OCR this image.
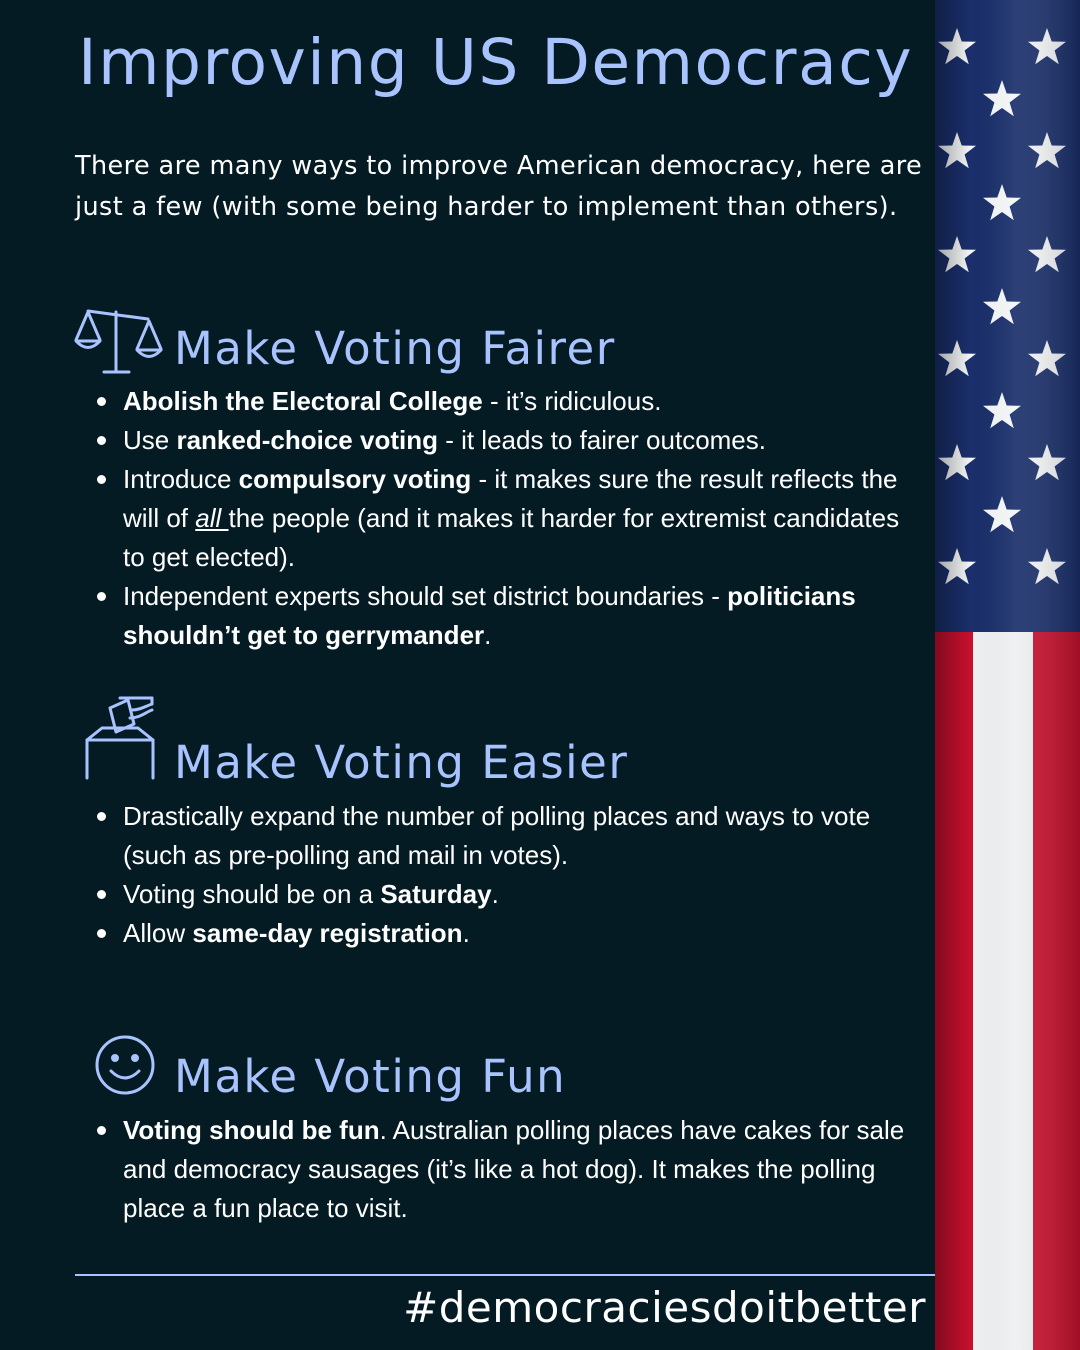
Improving US Democracy

There are many ways to improve American democracy, here are just a few (with some being harder to implement than others).

Make Voting Fairer
Abolish the Electoral College - it’s ridiculous.
Use ranked-choice voting - it leads to fairer outcomes.
Introduce compulsory voting - it makes sure the result reflects the will of all the people (and it makes it harder for extremist candidates to get elected).
Independent experts should set district boundaries - politicians shouldn’t get to gerrymander.
Make Voting Easier
Drastically expand the number of polling places and ways to vote (such as pre-polling and mail in votes).
Voting should be on a Saturday.
Allow same-day registration.
Make Voting Fun
Voting should be fun. Australian polling places have cakes for sale and democracy sausages (it’s like a hot dog). It makes the polling place a fun place to visit.

#democraciesdoitbetter
